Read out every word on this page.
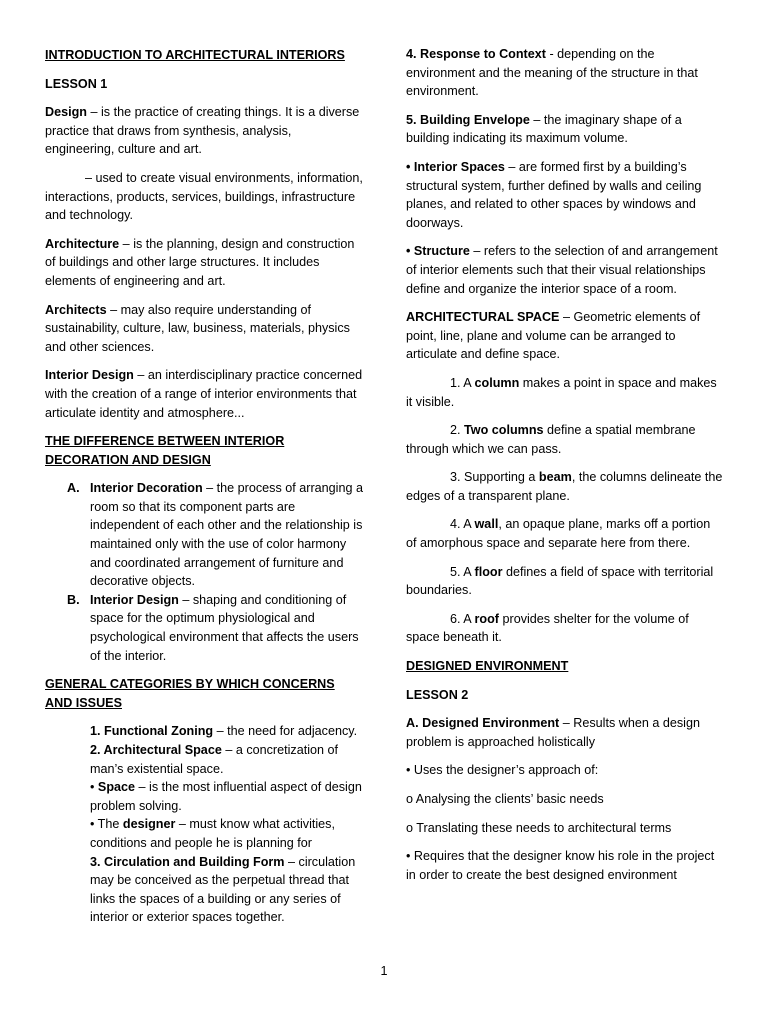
INTRODUCTION TO ARCHITECTURAL INTERIORS

LESSON 1

Design – is the practice of creating things. It is a diverse practice that draws from synthesis, analysis, engineering, culture and art.

– used to create visual environments, information, interactions, products, services, buildings, infrastructure and technology.

Architecture – is the planning, design and construction of buildings and other large structures. It includes elements of engineering and art.

Architects – may also require understanding of sustainability, culture, law, business, materials, physics and other sciences.

Interior Design – an interdisciplinary practice concerned with the creation of a range of interior environments that articulate identity and atmosphere...

THE DIFFERENCE BETWEEN INTERIOR DECORATION AND DESIGN

A. Interior Decoration – the process of arranging a room so that its component parts are independent of each other and the relationship is maintained only with the use of color harmony and coordinated arrangement of furniture and decorative objects.

B. Interior Design – shaping and conditioning of space for the optimum physiological and psychological environment that affects the users of the interior.

GENERAL CATEGORIES BY WHICH CONCERNS AND ISSUES

1. Functional Zoning – the need for adjacency.

2. Architectural Space – a concretization of man’s existential space.

• Space – is the most influential aspect of design problem solving.

• The designer – must know what activities, conditions and people he is planning for

3. Circulation and Building Form – circulation may be conceived as the perpetual thread that links the spaces of a building or any series of interior or exterior spaces together.

4. Response to Context - depending on the environment and the meaning of the structure in that environment.

5. Building Envelope – the imaginary shape of a building indicating its maximum volume.

• Interior Spaces – are formed first by a building’s structural system, further defined by walls and ceiling planes, and related to other spaces by windows and doorways.

• Structure – refers to the selection of and arrangement of interior elements such that their visual relationships define and organize the interior space of a room.

ARCHITECTURAL SPACE – Geometric elements of point, line, plane and volume can be arranged to articulate and define space.

1. A column makes a point in space and makes it visible.

2. Two columns define a spatial membrane through which we can pass.

3. Supporting a beam, the columns delineate the edges of a transparent plane.

4. A wall, an opaque plane, marks off a portion of amorphous space and separate here from there.

5. A floor defines a field of space with territorial boundaries.

6. A roof provides shelter for the volume of space beneath it.

DESIGNED ENVIRONMENT

LESSON 2

A. Designed Environment – Results when a design problem is approached holistically

• Uses the designer’s approach of:

o Analysing the clients’ basic needs

o Translating these needs to architectural terms

• Requires that the designer know his role in the project in order to create the best designed environment

1
